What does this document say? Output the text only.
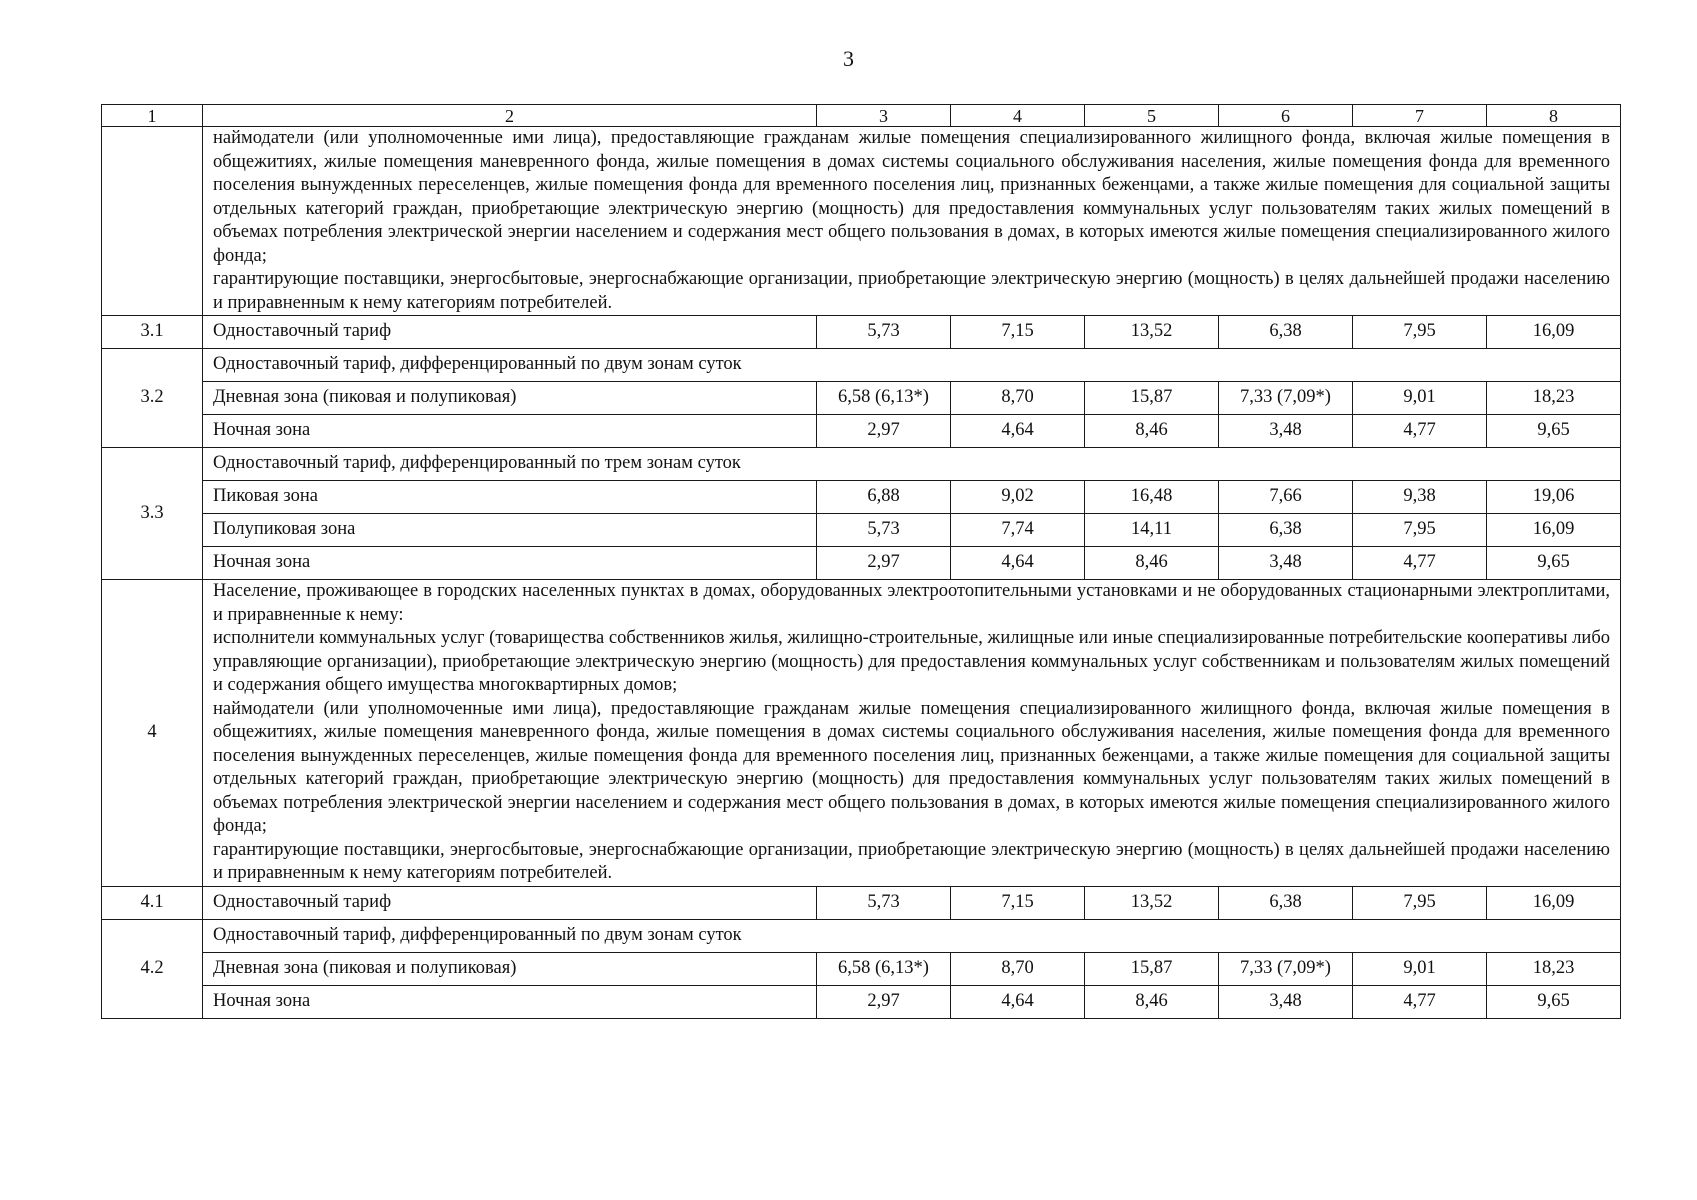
3
1	2	3	4	5	6	7	8

	наймодатели (или уполномоченные ими лица), предоставляющие гражданам жилые помещения специализированного жилищного фонда, включая жилые помещения в общежитиях, жилые помещения маневренного фонда, жилые помещения в домах системы социального обслуживания населения, жилые помещения фонда для временного поселения вынужденных переселенцев, жилые помещения фонда для временного поселения лиц, признанных беженцами, а также жилые помещения для социальной защиты отдельных категорий граждан, приобретающие электрическую энергию (мощность) для предоставления коммунальных услуг пользователям таких жилых помещений в объемах потребления электрической энергии населением и содержания мест общего пользования в домах, в которых имеются жилые помещения специализированного жилого фонда;

гарантирующие поставщики, энергосбытовые, энергоснабжающие организации, приобретающие электрическую энергию (мощность) в целях дальнейшей продажи населению и приравненным к нему категориям потребителей.						

3.1	Одноставочный тариф	5,73	7,15	13,52	6,38	7,95	16,09
3.2	Одноставочный тариф, дифференцированный по двум зонам суток						
	Дневная зона (пиковая и полупиковая)	6,58 (6,13*)	8,70	15,87	7,33 (7,09*)	9,01	18,23
	Ночная зона	2,97	4,64	8,46	3,48	4,77	9,65
3.3	Одноставочный тариф, дифференцированный по трем зонам суток						
	Пиковая зона	6,88	9,02	16,48	7,66	9,38	19,06
	Полупиковая зона	5,73	7,74	14,11	6,38	7,95	16,09
	Ночная зона	2,97	4,64	8,46	3,48	4,77	9,65
4	Население, проживающее в городских населенных пунктах в домах, оборудованных электроотопительными установками и не оборудованных стационарными электроплитами, и приравненные к нему:

исполнители коммунальных услуг (товарищества собственников жилья, жилищно-строительные, жилищные или иные специализированные потребительские кооперативы либо управляющие организации), приобретающие электрическую энергию (мощность) для предоставления коммунальных услуг собственникам и пользователям жилых помещений и содержания общего имущества многоквартирных домов;

наймодатели (или уполномоченные ими лица), предоставляющие гражданам жилые помещения специализированного жилищного фонда, включая жилые помещения в общежитиях, жилые помещения маневренного фонда, жилые помещения в домах системы социального обслуживания населения, жилые помещения фонда для временного поселения вынужденных переселенцев, жилые помещения фонда для временного поселения лиц, признанных беженцами, а также жилые помещения для социальной защиты отдельных категорий граждан, приобретающие электрическую энергию (мощность) для предоставления коммунальных услуг пользователям таких жилых помещений в объемах потребления электрической энергии населением и содержания мест общего пользования в домах, в которых имеются жилые помещения специализированного жилого фонда;

гарантирующие поставщики, энергосбытовые, энергоснабжающие организации, приобретающие электрическую энергию (мощность) в целях дальнейшей продажи населению и приравненным к нему категориям потребителей.						

4.1	Одноставочный тариф	5,73	7,15	13,52	6,38	7,95	16,09
4.2	Одноставочный тариф, дифференцированный по двум зонам суток						
	Дневная зона (пиковая и полупиковая)	6,58 (6,13*)	8,70	15,87	7,33 (7,09*)	9,01	18,23
	Ночная зона	2,97	4,64	8,46	3,48	4,77	9,65
